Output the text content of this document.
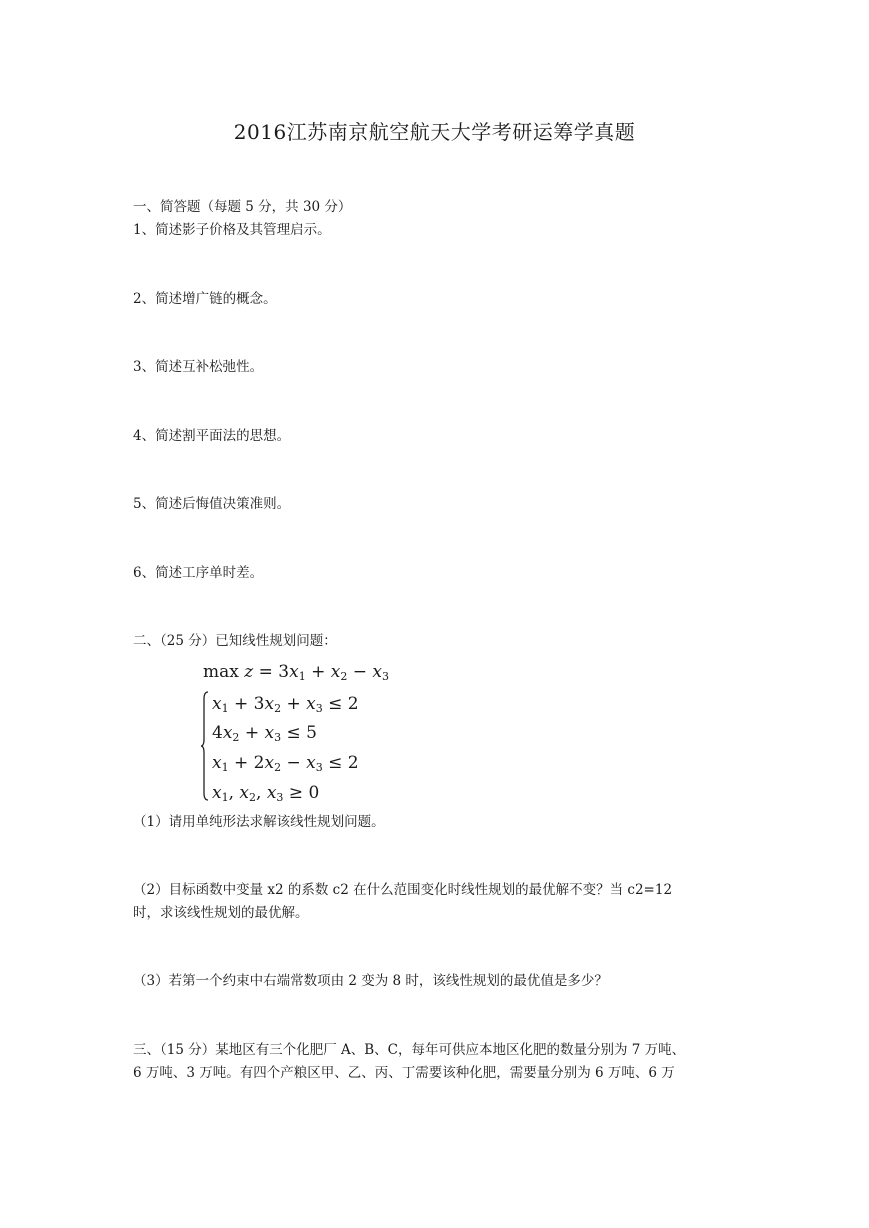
2016江苏南京航空航天大学考研运筹学真题
一、简答题（每题 5 分，共 30 分）
1、简述影子价格及其管理启示。
2、简述增广链的概念。
3、简述互补松弛性。
4、简述割平面法的思想。
5、简述后悔值决策准则。
6、简述工序单时差。
二、（25 分）已知线性规划问题：
$\max z = 3x_1 + x_2 - x_3$
$x_1 + 3x_2 + x_3 \le 2$
$4x_2 + x_3 \le 5$
$x_1 + 2x_2 - x_3 \le 2$
$x_1$, $x_2$, $x_3 \ge 0$
（1）请用单纯形法求解该线性规划问题。
（2）目标函数中变量 x2 的系数 c2 在什么范围变化时线性规划的最优解不变？当 c2=12
时，求该线性规划的最优解。
（3）若第一个约束中右端常数项由 2 变为 8 时，该线性规划的最优值是多少？
三、（15 分）某地区有三个化肥厂 A、B、C，每年可供应本地区化肥的数量分别为 7 万吨、
6 万吨、3 万吨。有四个产粮区甲、乙、丙、丁需要该种化肥，需要量分别为 6 万吨、6 万
